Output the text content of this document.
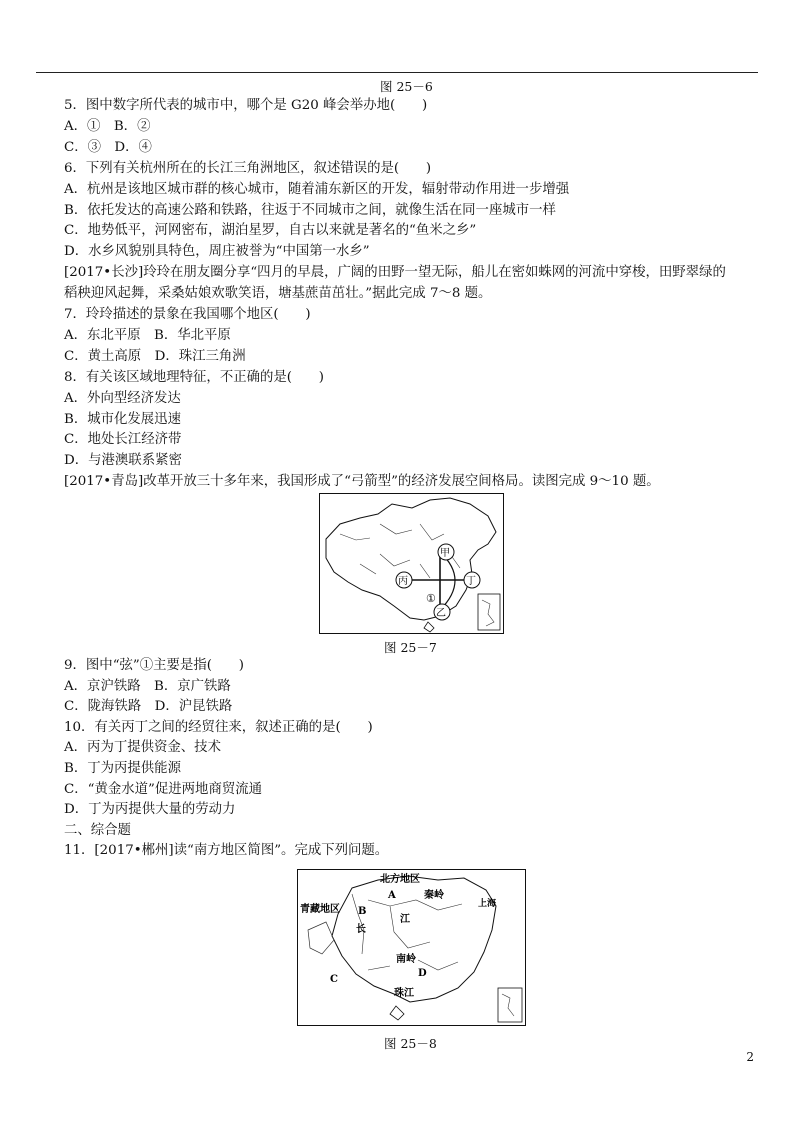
图 25－6
5．图中数字所代表的城市中，哪个是 G20 峰会举办地(　　)
A．①　B．②
C．③　D．④
6．下列有关杭州所在的长江三角洲地区，叙述错误的是(　　)
A．杭州是该地区城市群的核心城市，随着浦东新区的开发，辐射带动作用进一步增强
B．依托发达的高速公路和铁路，往返于不同城市之间，就像生活在同一座城市一样
C．地势低平，河网密布，湖泊星罗，自古以来就是著名的“鱼米之乡”
D．水乡风貌别具特色，周庄被誉为“中国第一水乡”
[2017•长沙]玲玲在朋友圈分享“四月的早晨，广阔的田野一望无际，船儿在密如蛛网的河流中穿梭，田野翠绿的
稻秧迎风起舞，采桑姑娘欢歌笑语，塘基蔗苗茁壮。”据此完成 7～8 题。
7．玲玲描述的景象在我国哪个地区(　　)
A．东北平原　B．华北平原
C．黄土高原　D．珠江三角洲
8．有关该区域地理特征，不正确的是(　　)
A．外向型经济发达
B．城市化发展迅速
C．地处长江经济带
D．与港澳联系紧密
[2017•青岛]改革开放三十多年来，我国形成了“弓箭型”的经济发展空间格局。读图完成 9～10 题。
甲
丙	丁
乙
①
图 25－7
9．图中“弦”①主要是指(　　)
A．京沪铁路　B．京广铁路
C．陇海铁路　D．沪昆铁路
10．有关丙丁之间的经贸往来，叙述正确的是(　　)
A．丙为丁提供资金、技术
B．丁为丙提供能源
C．“黄金水道”促进两地商贸流通
D．丁为丙提供大量的劳动力
二、综合题
11．[2017•郴州]读“南方地区简图”。完成下列问题。
北方地区
秦岭
上海
青藏地区
A
B
长
江
C
D
南岭
珠江
图 25－8
2
